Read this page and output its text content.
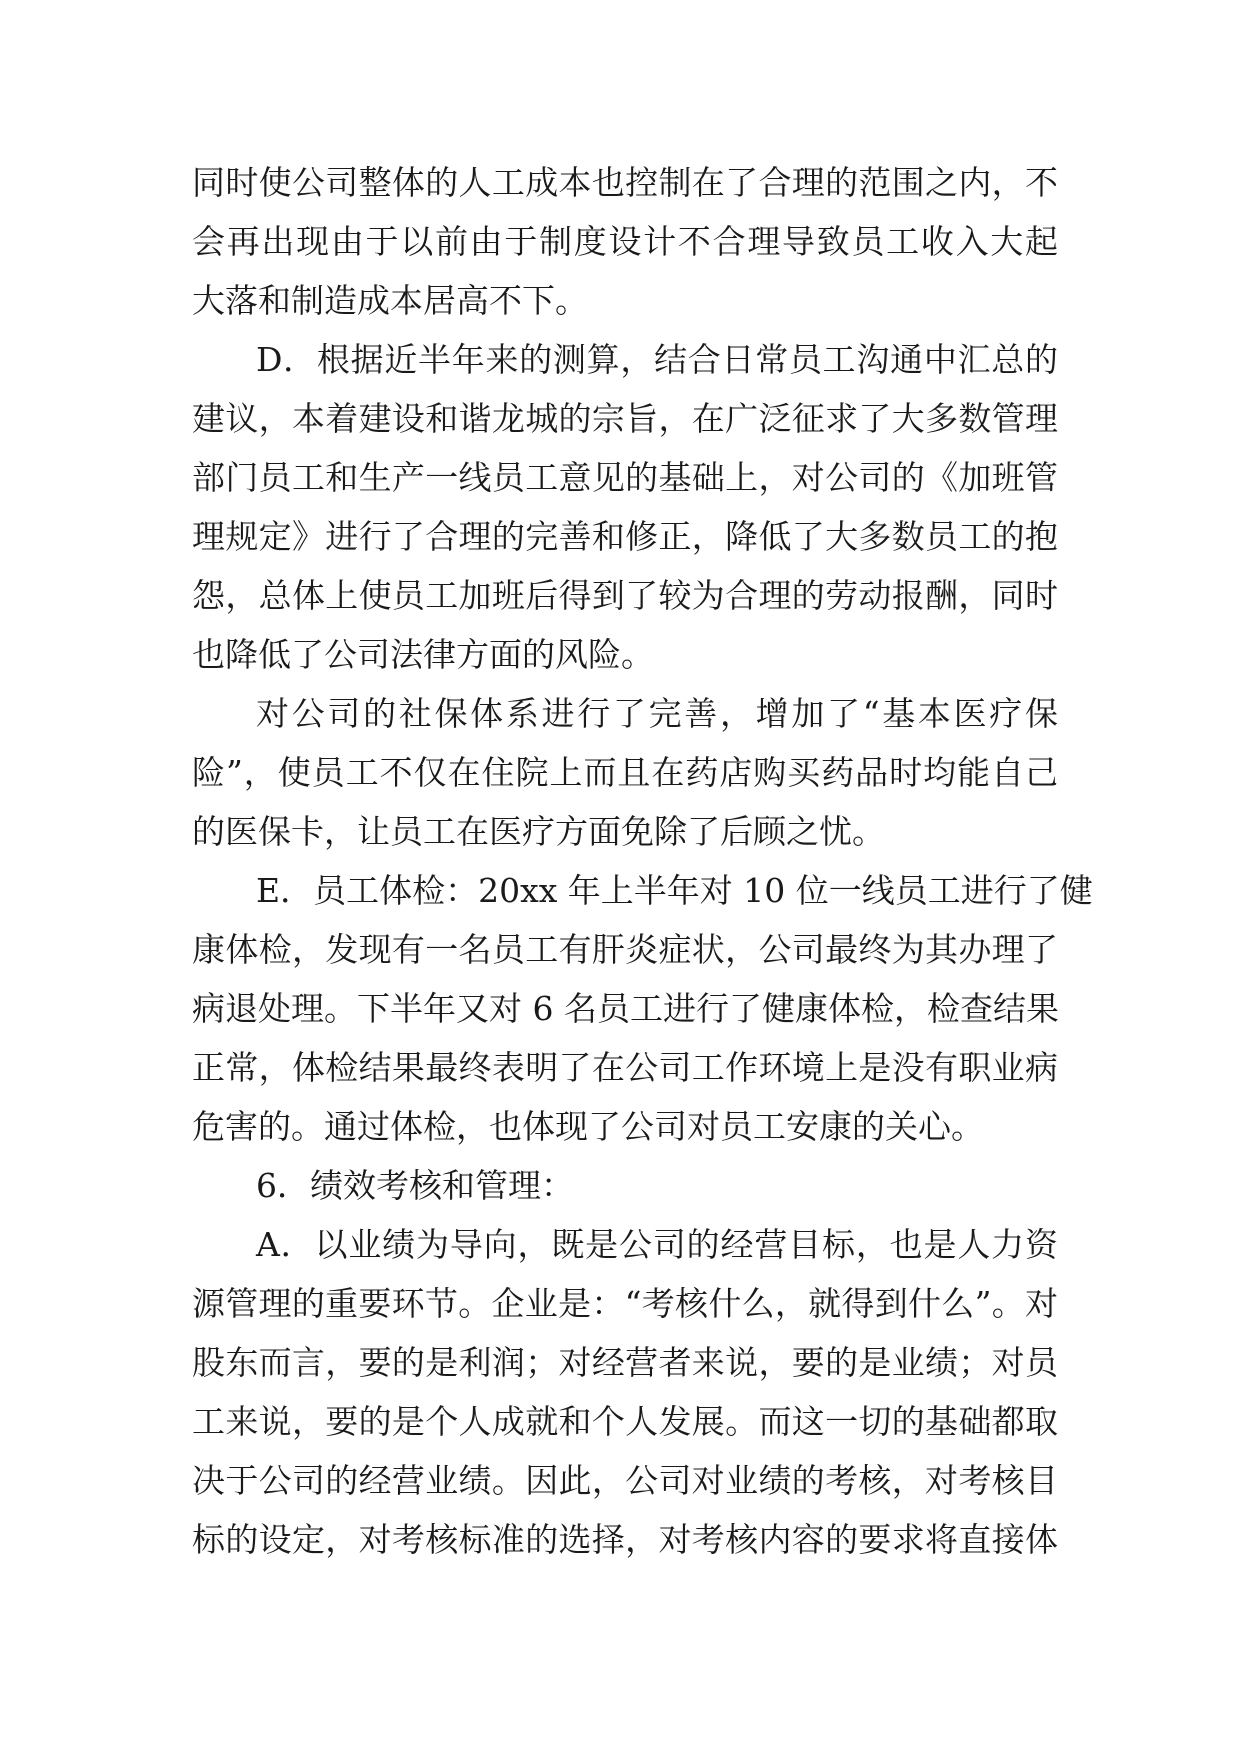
同时使公司整体的人工成本也控制在了合理的范围之内，不
会再出现由于以前由于制度设计不合理导致员工收入大起
大落和制造成本居高不下。
D．根据近半年来的测算，结合日常员工沟通中汇总的
建议，本着建设和谐龙城的宗旨，在广泛征求了大多数管理
部门员工和生产一线员工意见的基础上，对公司的《加班管
理规定》进行了合理的完善和修正，降低了大多数员工的抱
怨，总体上使员工加班后得到了较为合理的劳动报酬，同时
也降低了公司法律方面的风险。
对公司的社保体系进行了完善，增加了“基本医疗保
险”，使员工不仅在住院上而且在药店购买药品时均能自己
的医保卡，让员工在医疗方面免除了后顾之忧。
E．员工体检：20xx 年上半年对 10 位一线员工进行了健
康体检，发现有一名员工有肝炎症状，公司最终为其办理了
病退处理。下半年又对 6 名员工进行了健康体检，检查结果
正常，体检结果最终表明了在公司工作环境上是没有职业病
危害的。通过体检，也体现了公司对员工安康的关心。
6．绩效考核和管理：
A．以业绩为导向，既是公司的经营目标，也是人力资
源管理的重要环节。企业是：“考核什么，就得到什么”。对
股东而言，要的是利润；对经营者来说，要的是业绩；对员
工来说，要的是个人成就和个人发展。而这一切的基础都取
决于公司的经营业绩。因此，公司对业绩的考核，对考核目
标的设定，对考核标准的选择，对考核内容的要求将直接体
